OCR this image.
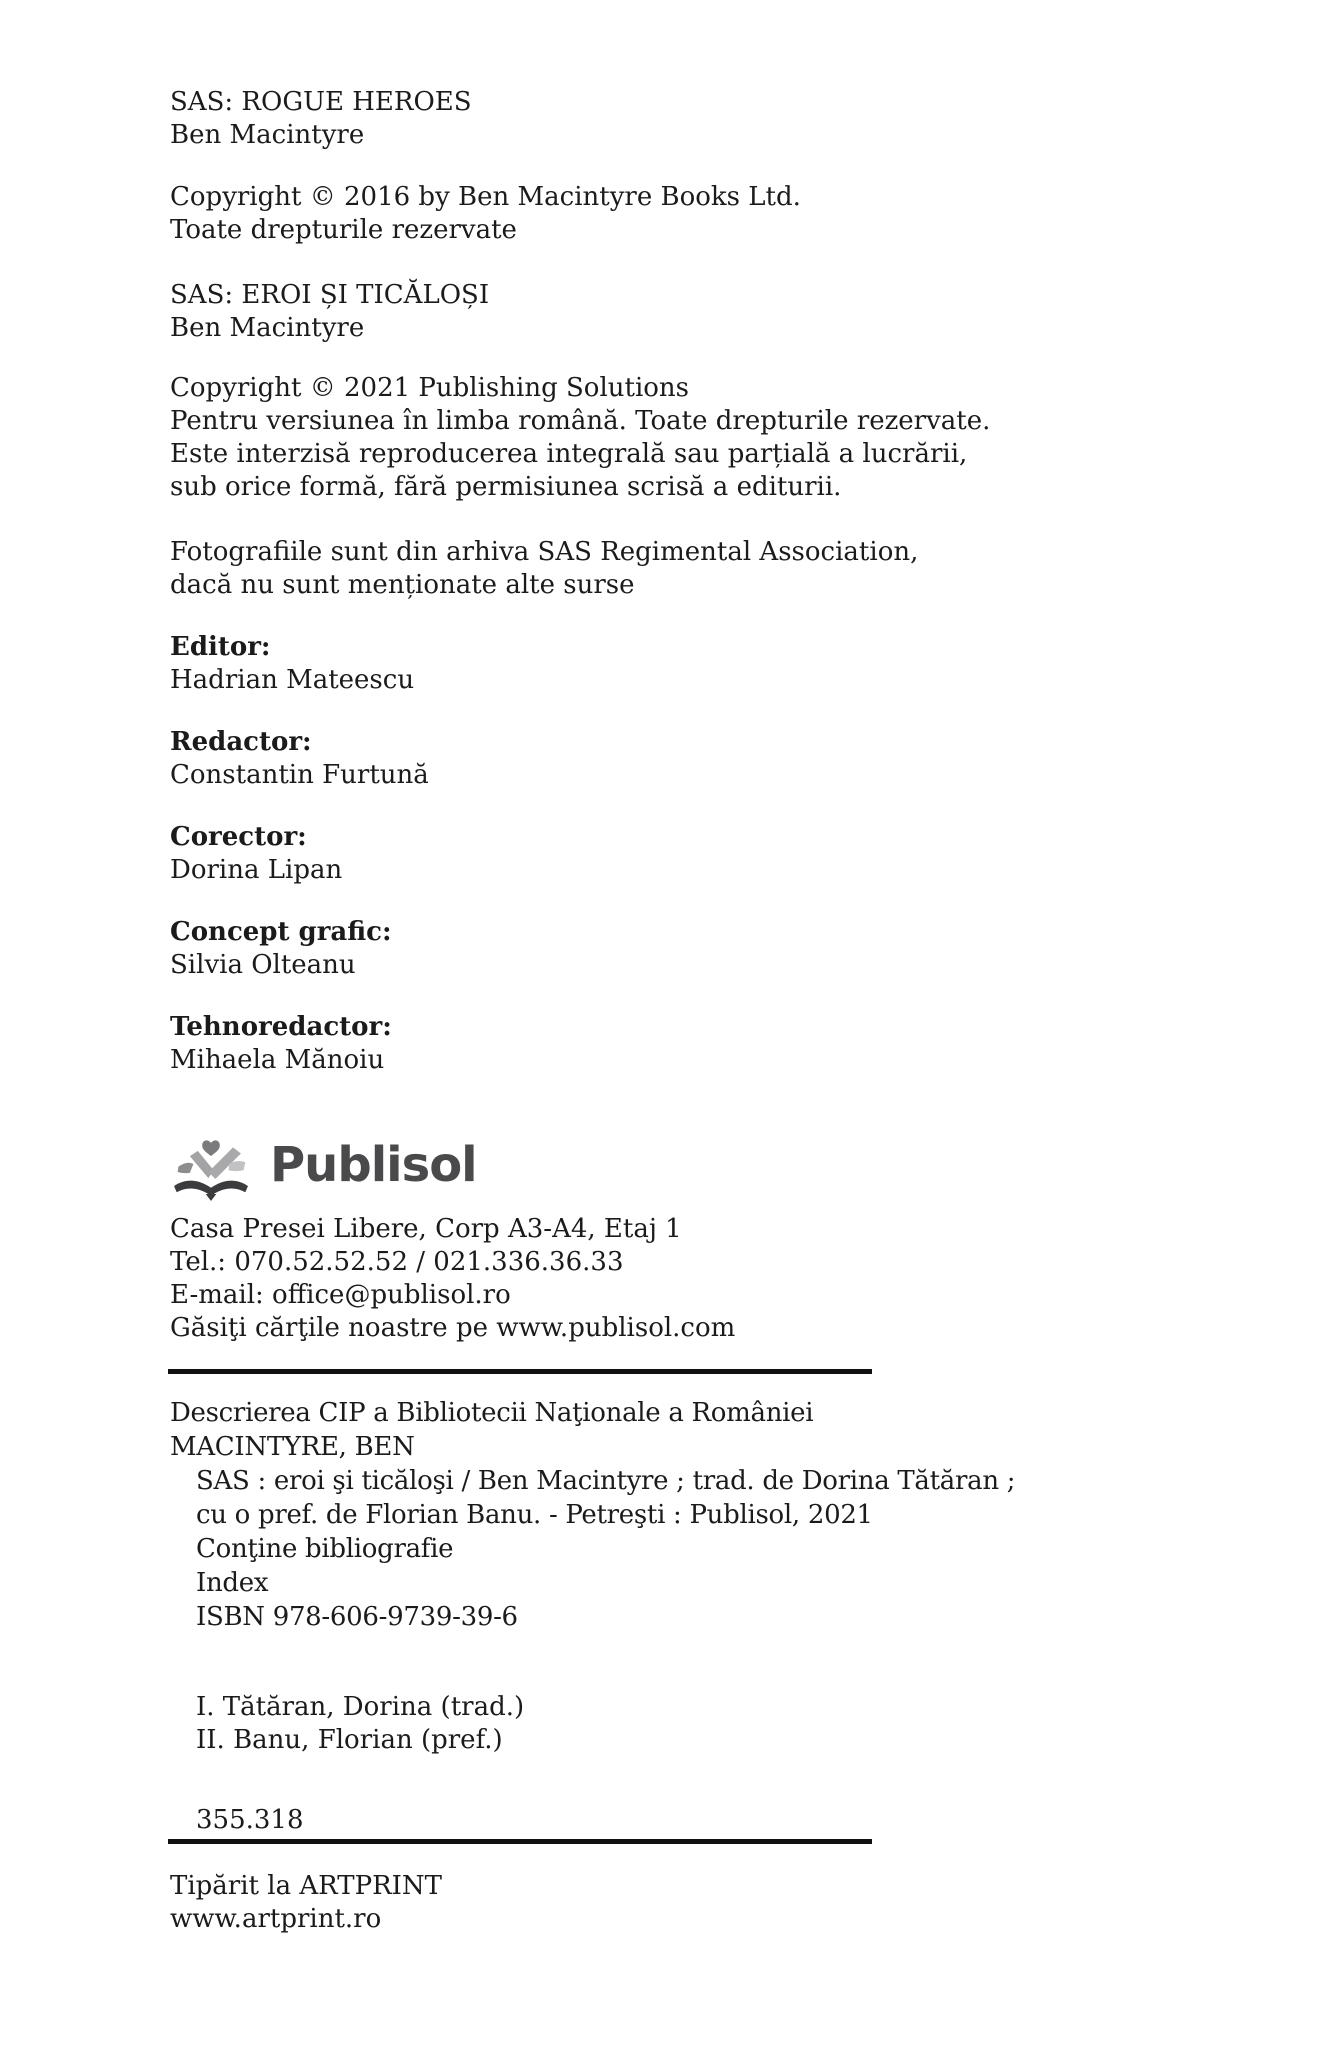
SAS: ROGUE HEROES

Ben Macintyre

Copyright © 2016 by Ben Macintyre Books Ltd.

Toate drepturile rezervate

SAS: EROI ȘI TICĂLOȘI

Ben Macintyre

Copyright © 2021 Publishing Solutions

Pentru versiunea în limba română. Toate drepturile rezervate.

Este interzisă reproducerea integrală sau parțială a lucrării,

sub orice formă, fără permisiunea scrisă a editurii.

Fotografiile sunt din arhiva SAS Regimental Association,

dacă nu sunt menționate alte surse

Editor:

Hadrian Mateescu

Redactor:

Constantin Furtună

Corector:

Dorina Lipan

Concept grafic:

Silvia Olteanu

Tehnoredactor:

Mihaela Mănoiu

Publisol

Casa Presei Libere, Corp A3-A4, Etaj 1

Tel.: 070.52.52.52 / 021.336.36.33

E-mail: office@publisol.ro

Găsiţi cărţile noastre pe www.publisol.com

Descrierea CIP a Bibliotecii Naţionale a României

MACINTYRE, BEN

SAS : eroi şi ticăloşi / Ben Macintyre ; trad. de Dorina Tătăran ;

cu o pref. de Florian Banu. - Petreşti : Publisol, 2021

Conţine bibliografie

Index

ISBN 978-606-9739-39-6

I. Tătăran, Dorina (trad.)

II. Banu, Florian (pref.)

355.318

Tipărit la ARTPRINT

www.artprint.ro
